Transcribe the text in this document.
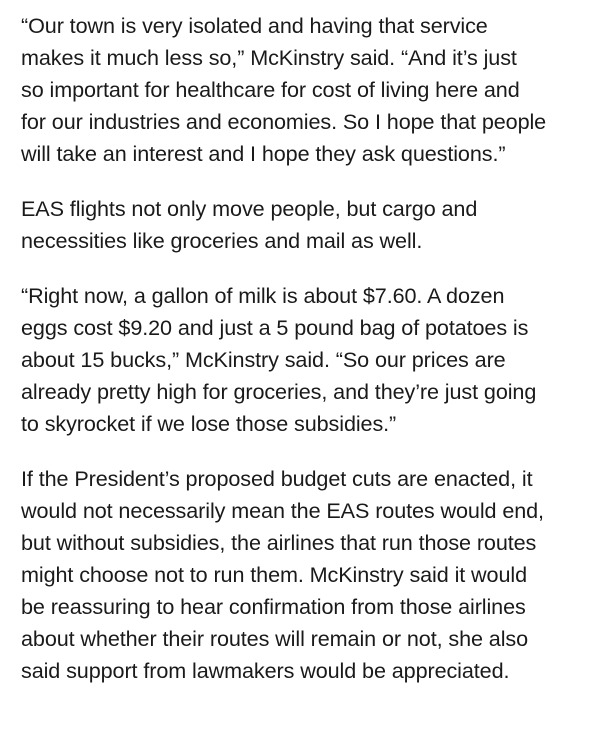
“Our town is very isolated and having that service
makes it much less so,” McKinstry said. “And it’s just
so important for healthcare for cost of living here and
for our industries and economies. So I hope that people
will take an interest and I hope they ask questions.”

EAS flights not only move people, but cargo and
necessities like groceries and mail as well.

“Right now, a gallon of milk is about $7.60. A dozen
eggs cost $9.20 and just a 5 pound bag of potatoes is
about 15 bucks,” McKinstry said. “So our prices are
already pretty high for groceries, and they’re just going
to skyrocket if we lose those subsidies.”

If the President’s proposed budget cuts are enacted, it
would not necessarily mean the EAS routes would end,
but without subsidies, the airlines that run those routes
might choose not to run them. McKinstry said it would
be reassuring to hear confirmation from those airlines
about whether their routes will remain or not, she also
said support from lawmakers would be appreciated.
